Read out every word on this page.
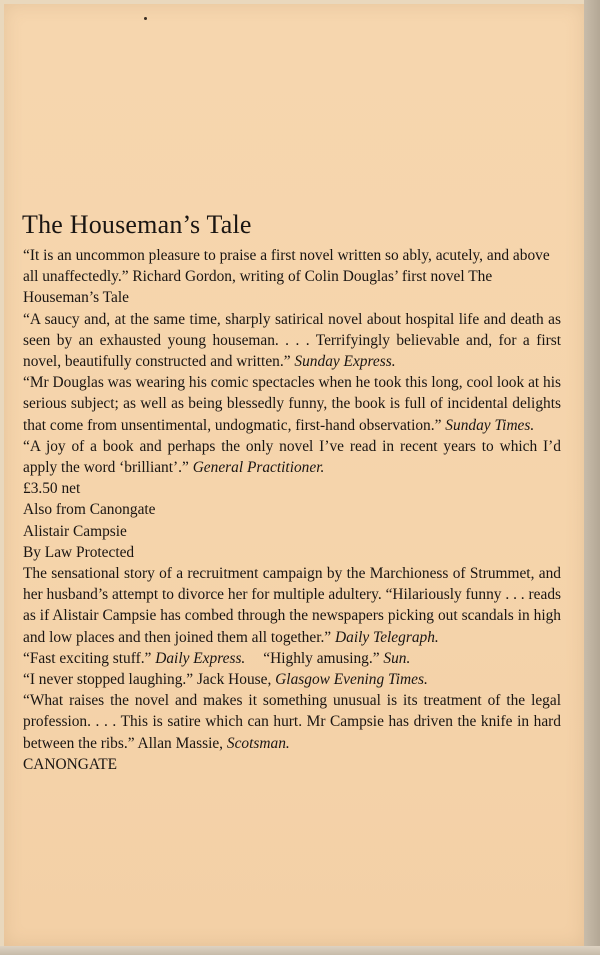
The Houseman’s Tale

“It is an uncommon pleasure to praise a first novel written so ably, acutely, and above all unaffectedly.” Richard Gordon, writing of Colin Douglas’ first novel The Houseman’s Tale

“A saucy and, at the same time, sharply satirical novel about hospital life and death as seen by an exhausted young houseman. . . . Terrifyingly believable and, for a first novel, beautifully constructed and written.” Sunday Express.

“Mr Douglas was wearing his comic spectacles when he took this long, cool look at his serious subject; as well as being blessedly funny, the book is full of incidental delights that come from unsentimental, undogmatic, first-hand observation.” Sunday Times.

“A joy of a book and perhaps the only novel I’ve read in recent years to which I’d apply the word ‘brilliant’.” General Practitioner.

£3.50 net

Also from Canongate

Alistair Campsie

By Law Protected

The sensational story of a recruitment campaign by the Marchioness of Strummet, and her husband’s attempt to divorce her for multiple adultery. “Hilariously funny . . . reads as if Alistair Campsie has combed through the newspapers picking out scandals in high and low places and then joined them all together.” Daily Telegraph.

“Fast exciting stuff.” Daily Express. “Highly amusing.” Sun.

“I never stopped laughing.” Jack House, Glasgow Evening Times.

“What raises the novel and makes it something unusual is its treatment of the legal profession. . . . This is satire which can hurt. Mr Campsie has driven the knife in hard between the ribs.” Allan Massie, Scotsman.

CANONGATE
